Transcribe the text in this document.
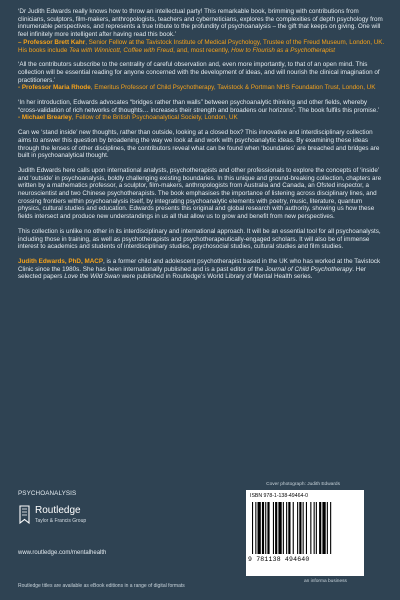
‘Dr Judith Edwards really knows how to throw an intellectual party! This remarkable book, brimming with contributions from clinicians, sculptors, film-makers, anthropologists, teachers and cyberneticians, explores the complexities of depth psychology from innumerable perspectives, and represents a true tribute to the profundity of psychoanalysis – the gift that keeps on giving. One will feel infinitely more intelligent after having read this book.’
– Professor Brett Kahr, Senior Fellow at the Tavistock Institute of Medical Psychology, Trustee of the Freud Museum, London, UK. His books include Tea with Winnicott, Coffee with Freud, and, most recently, How to Flourish as a Psychotherapist
‘All the contributors subscribe to the centrality of careful observation and, even more importantly, to that of an open mind. This collection will be essential reading for anyone concerned with the development of ideas, and will nourish the clinical imagination of practitioners.’
- Professor Maria Rhode, Emeritus Professor of Child Psychotherapy, Tavistock & Portman NHS Foundation Trust, London, UK
‘In her introduction, Edwards advocates “bridges rather than walls” between psychoanalytic thinking and other fields, whereby “cross-validation of rich networks of thoughts… increases their strength and broadens our horizons”. The book fulfils this promise.’
- Michael Brearley, Fellow of the British Psychoanalytical Society, London, UK

Can we ‘stand inside’ new thoughts, rather than outside, looking at a closed box? This innovative and interdisciplinary collection aims to answer this question by broadening the way we look at and work with psychoanalytic ideas. By examining these ideas through the lenses of other disciplines, the contributors reveal what can be found when ‘boundaries’ are breached and bridges are built in psychoanalytical thought.

Judith Edwards here calls upon international analysts, psychotherapists and other professionals to explore the concepts of ‘inside’ and ‘outside’ in psychoanalysis, boldly challenging existing boundaries. In this unique and ground-breaking collection, chapters are written by a mathematics professor, a sculptor, film-makers, anthropologists from Australia and Canada, an Ofsted inspector, a neuroscientist and two Chinese psychotherapists. The book emphasises the importance of listening across disciplinary lines, and crossing frontiers within psychoanalysis itself, by integrating psychoanalytic elements with poetry, music, literature, quantum physics, cultural studies and education. Edwards presents this original and global research with authority, showing us how these fields intersect and produce new understandings in us all that allow us to grow and benefit from new perspectives.

This collection is unlike no other in its interdisciplinary and international approach. It will be an essential tool for all psychoanalysts, including those in training, as well as psychotherapists and psychotherapeutically-engaged scholars. It will also be of immense interest to academics and students of interdisciplinary studies, psychosocial studies, cultural studies and film studies.

Judith Edwards, PhD, MACP, is a former child and adolescent psychotherapist based in the UK who has worked at the Tavistock Clinic since the 1980s. She has been internationally published and is a past editor of the Journal of Child Psychotherapy. Her selected papers Love the Wild Swan were published in Routledge’s World Library of Mental Health series.

Cover photograph: Judith Edwards
PSYCHOANALYSIS
Routledge
Taylor & Francis Group
www.routledge.com/mentalhealth
Routledge titles are available as eBook editions in a range of digital formats
ISBN 978-1-138-49464-0
9 781138 494640
an informa business
